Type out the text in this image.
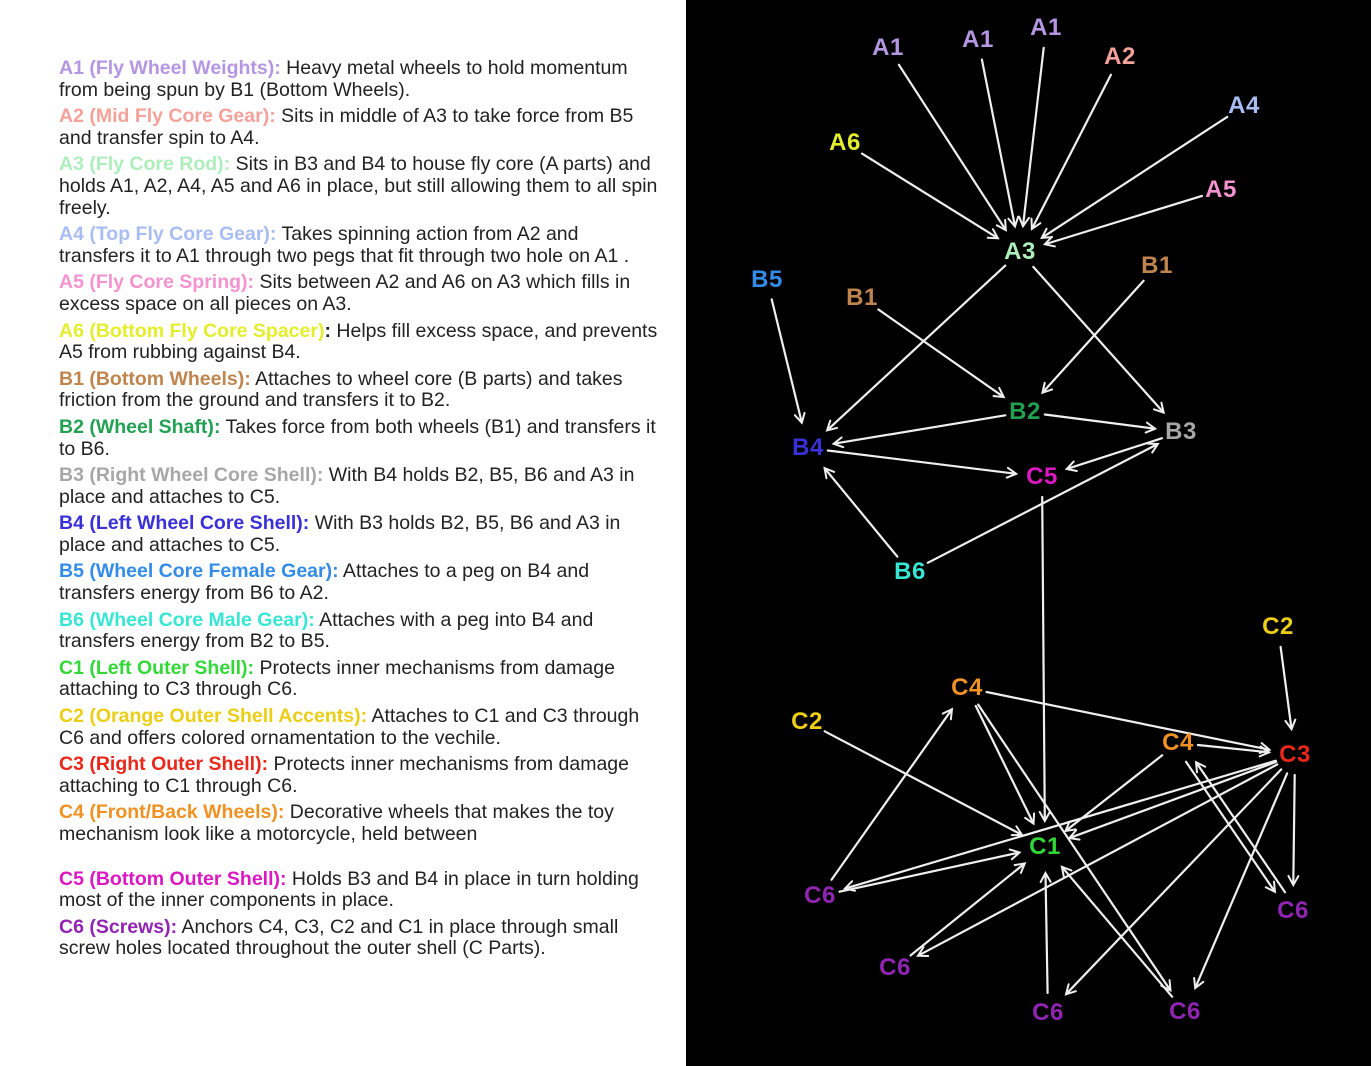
A1 (Fly Wheel Weights): Heavy metal wheels to hold momentum from being spun by B1 (Bottom Wheels).

A2 (Mid Fly Core Gear): Sits in middle of A3 to take force from B5 and transfer spin to A4.

A3 (Fly Core Rod): Sits in B3 and B4 to house fly core (A parts) and holds A1, A2, A4, A5 and A6 in place, but still allowing them to all spin freely.

A4 (Top Fly Core Gear): Takes spinning action from A2 and transfers it to A1 through two pegs that fit through two hole on A1 .

A5 (Fly Core Spring): Sits between A2 and A6 on A3 which fills in excess space on all pieces on A3.

A6 (Bottom Fly Core Spacer): Helps fill excess space, and prevents A5 from rubbing against B4.

B1 (Bottom Wheels): Attaches to wheel core (B parts) and takes friction from the ground and transfers it to B2.

B2 (Wheel Shaft): Takes force from both wheels (B1) and transfers it to B6.

B3 (Right Wheel Core Shell): With B4 holds B2, B5, B6 and A3 in place and attaches to C5.

B4 (Left Wheel Core Shell): With B3 holds B2, B5, B6 and A3 in place and attaches to C5.

B5 (Wheel Core Female Gear): Attaches to a peg on B4 and transfers energy from B6 to A2.

B6 (Wheel Core Male Gear): Attaches with a peg into B4 and transfers energy from B2 to B5.

C1 (Left Outer Shell): Protects inner mechanisms from damage attaching to C3 through C6.

C2 (Orange Outer Shell Accents): Attaches to C1 and C3 through C6 and offers colored ornamentation to the vechile.

C3 (Right Outer Shell): Protects inner mechanisms from damage attaching to C1 through C6.

C4 (Front/Back Wheels): Decorative wheels that makes the toy mechanism look like a motorcycle, held between

C5 (Bottom Outer Shell): Holds B3 and B4 in place in turn holding most of the inner components in place.

C6 (Screws): Anchors C4, C3, C2 and C1 in place through small screw holes located throughout the outer shell (C Parts).

A1 A1 A1
A2
A4
A6
A5
A3
B5
B1
B1
B2
B3
B4
C5
B6
C2
C4
C2
C4	C3
C1
C6
C6
C6
C6	C6
